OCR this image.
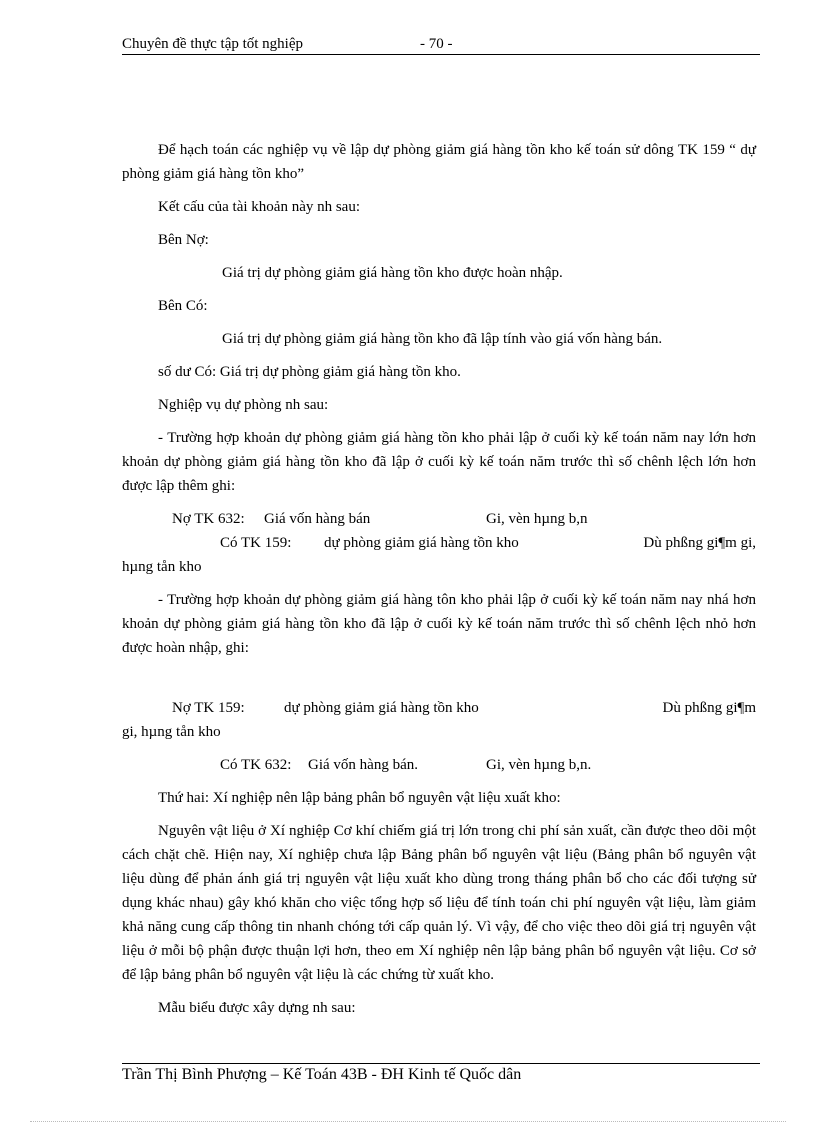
Chuyên đề thực tập tốt nghiệp	- 70 -

Để hạch toán các nghiệp vụ về lập dự phòng giảm giá hàng tồn kho kế toán sử dông TK 159 “ dự phòng giảm giá hàng tồn kho”

Kết cấu của tài khoản này nh sau:

Bên Nợ:

Giá trị dự phòng giảm giá hàng tồn kho được hoàn nhập.

Bên Có:

Giá trị dự phòng giảm giá hàng tồn kho đã lập tính vào giá vốn hàng bán.

số dư Có: Giá trị dự phòng giảm giá hàng tồn kho.

Nghiệp vụ dự phòng nh sau:

- Trường hợp khoản dự phòng giảm giá hàng tồn kho phải lập ở cuối kỳ kế toán năm nay lớn hơn khoản dự phòng giảm giá hàng tồn kho đã lập ở cuối kỳ kế toán năm trước thì số chênh lệch lớn hơn được lập thêm ghi:

Nợ TK 632: Giá vốn hàng bán	Gi, vèn hµng b,n
Có TK 159: dự phòng giảm giá hàng tồn kho	Dù phßng gi¶m gi,
hµng tån kho

- Trường hợp khoản dự phòng giảm giá hàng tôn kho phải lập ở cuối kỳ kế toán năm nay nhá hơn khoản dự phòng giảm giá hàng tồn kho đã lập ở cuối kỳ kế toán năm trước thì số chênh lệch nhỏ hơn được hoàn nhập, ghi:

Nợ TK 159:	dự phòng giảm giá hàng tồn kho	Dù phßng gi¶m
gi, hµng tån kho
Có TK 632: Giá vốn hàng bán.	Gi, vèn hµng b,n.

Thứ hai: Xí nghiệp nên lập bảng phân bổ nguyên vật liệu xuất kho:

Nguyên vật liệu ở Xí nghiệp Cơ khí chiếm giá trị lớn trong chi phí sản xuất, cần được theo dõi một cách chặt chẽ. Hiện nay, Xí nghiệp chưa lập Bảng phân bổ nguyên vật liệu (Bảng phân bổ nguyên vật liệu dùng để phản ánh giá trị nguyên vật liệu xuất kho dùng trong tháng phân bổ cho các đối tượng sử dụng khác nhau) gây khó khăn cho việc tổng hợp số liệu để tính toán chi phí nguyên vật liệu, làm giảm khả năng cung cấp thông tin nhanh chóng tới cấp quản lý. Vì vậy, để cho việc theo dõi giá trị nguyên vật liệu ở mỗi bộ phận được thuận lợi hơn, theo em Xí nghiệp nên lập bảng phân bổ nguyên vật liệu. Cơ sở để lập bảng phân bổ nguyên vật liệu là các chứng từ xuất kho.

Mẫu biểu được xây dựng nh sau:

Trần Thị Bình Phượng – Kế Toán 43B - ĐH Kinh tế Quốc dân
